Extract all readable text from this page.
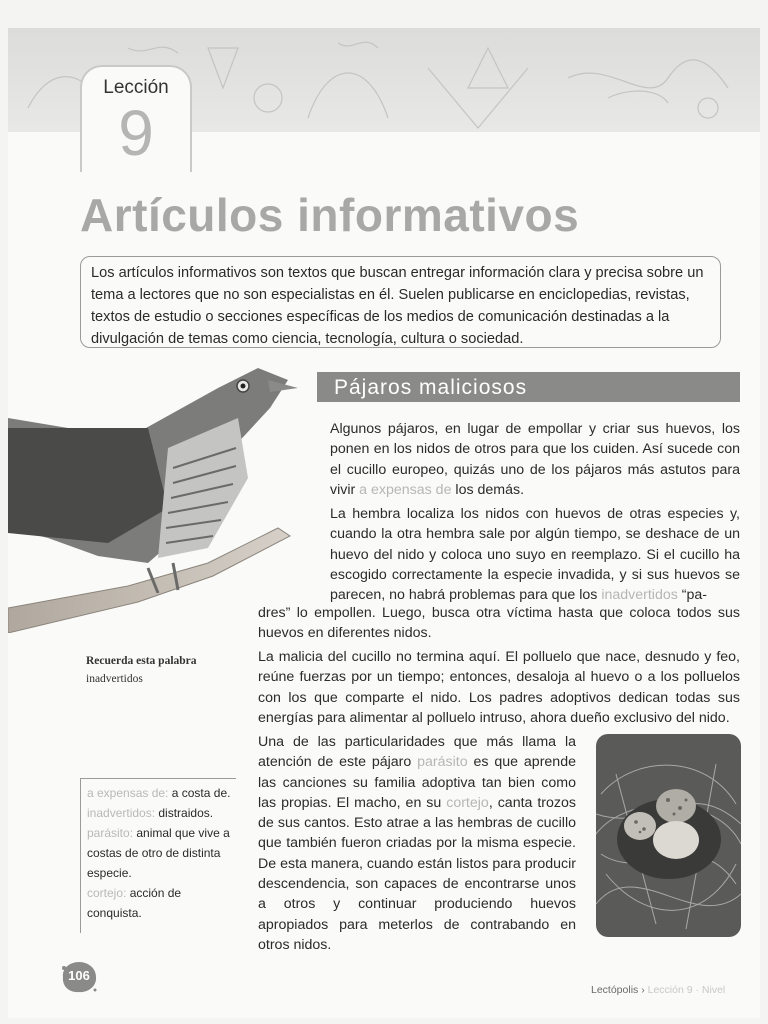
Lección
9
Artículos informativos
Los artículos informativos son textos que buscan entregar información clara y precisa sobre un tema a lectores que no son especialistas en él. Suelen publicarse en enciclopedias, revistas, textos de estudio o secciones específicas de los medios de comunicación destinadas a la divulgación de temas como ciencia, tecnología, cultura o sociedad.
Pájaros maliciosos

Algunos pájaros, en lugar de empollar y criar sus huevos, los ponen en los nidos de otros para que los cuiden. Así sucede con el cucillo europeo, quizás uno de los pájaros más astutos para vivir a expensas de los demás.

La hembra localiza los nidos con huevos de otras especies y, cuando la otra hembra sale por algún tiempo, se deshace de un huevo del nido y coloca uno suyo en reemplazo. Si el cucillo ha escogido correctamente la especie invadida, y si sus huevos se parecen, no habrá problemas para que los inadvertidos “pa-

dres” lo empollen. Luego, busca otra víctima hasta que coloca todos sus huevos en diferentes nidos.

La malicia del cucillo no termina aquí. El polluelo que nace, desnudo y feo, reúne fuerzas por un tiempo; entonces, desaloja al huevo o a los polluelos con los que comparte el nido. Los padres adoptivos dedican todas sus energías para alimentar al polluelo intruso, ahora dueño exclusivo del nido.

Una de las particularidades que más llama la atención de este pájaro parásito es que aprende las canciones su familia adoptiva tan bien como las propias. El macho, en su cortejo, canta trozos de sus cantos. Esto atrae a las hembras de cucillo que también fueron criadas por la misma especie. De esta manera, cuando están listos para producir descendencia, son capaces de encontrarse unos a otros y continuar produciendo huevos apropiados para meterlos de contrabando en otros nidos.

Recuerda esta palabra
inadvertidos

a expensas de: a costa de.

inadvertidos: distraidos.

parásito: animal que vive a costas de otro de distinta especie.

cortejo: acción de conquista.

106
Lectópolis › Lección 9 · Nivel
